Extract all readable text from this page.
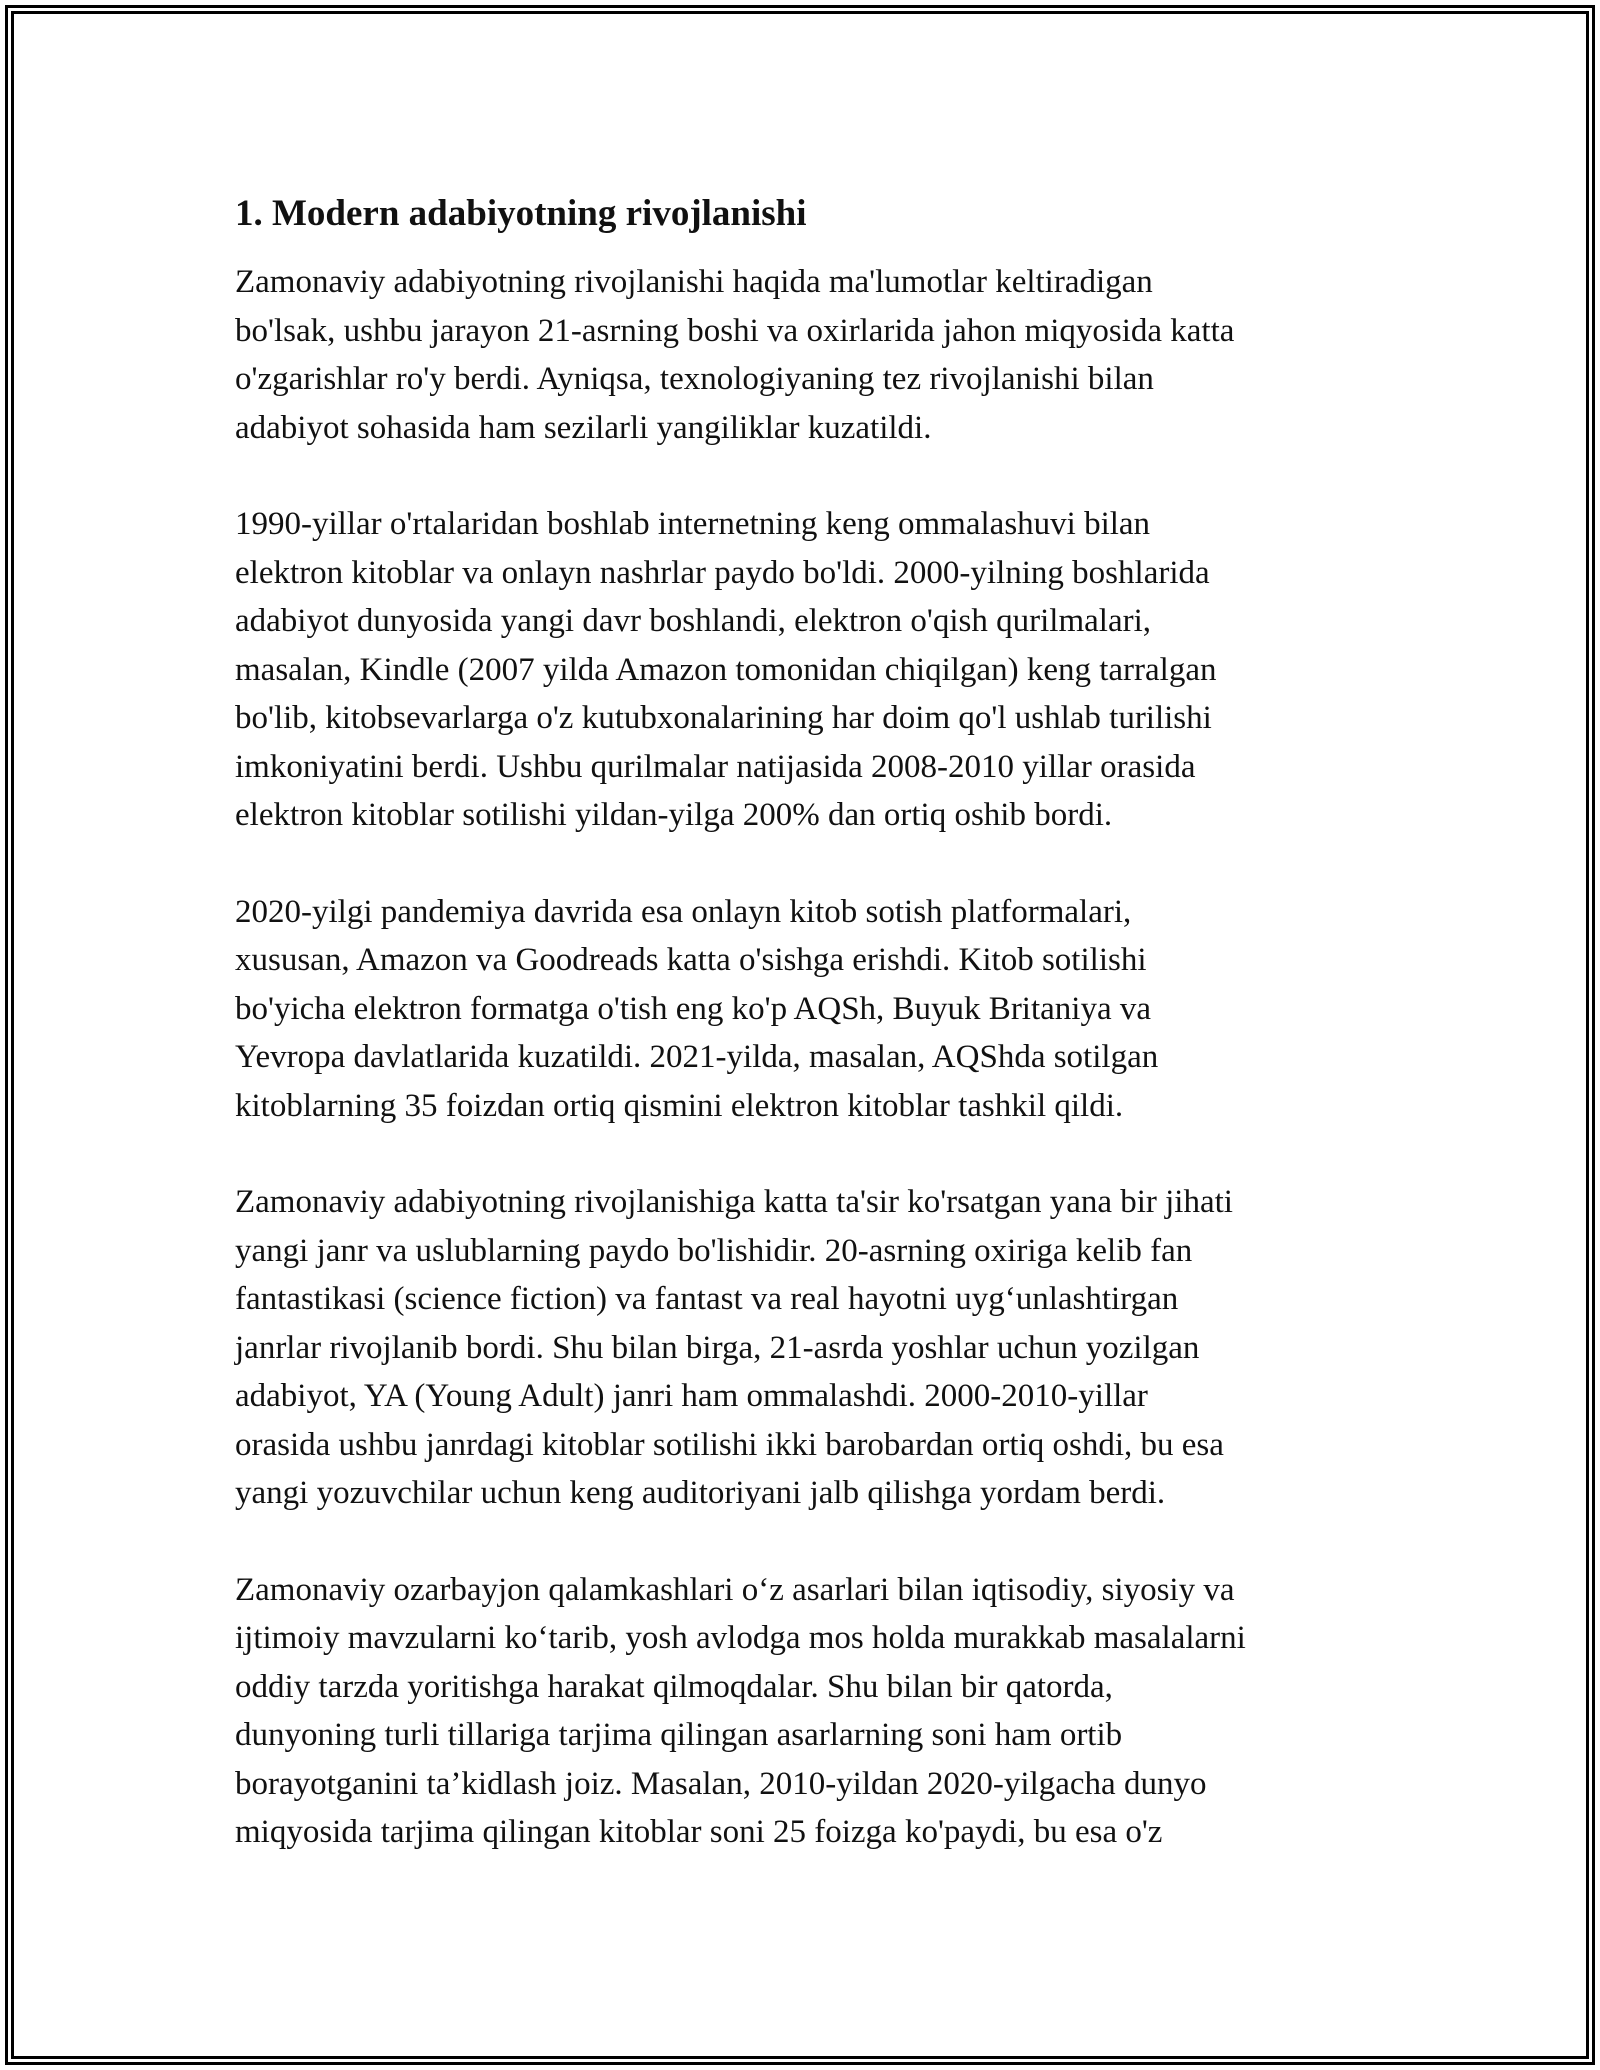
1. Modern adabiyotning rivojlanishi
Zamonaviy adabiyotning rivojlanishi haqida ma'lumotlar keltiradigan
bo'lsak, ushbu jarayon 21-asrning boshi va oxirlarida jahon miqyosida katta
o'zgarishlar ro'y berdi. Ayniqsa, texnologiyaning tez rivojlanishi bilan
adabiyot sohasida ham sezilarli yangiliklar kuzatildi.
1990-yillar o'rtalaridan boshlab internetning keng ommalashuvi bilan
elektron kitoblar va onlayn nashrlar paydo bo'ldi. 2000-yilning boshlarida
adabiyot dunyosida yangi davr boshlandi, elektron o'qish qurilmalari,
masalan, Kindle (2007 yilda Amazon tomonidan chiqilgan) keng tarralgan
bo'lib, kitobsevarlarga o'z kutubxonalarining har doim qo'l ushlab turilishi
imkoniyatini berdi. Ushbu qurilmalar natijasida 2008-2010 yillar orasida
elektron kitoblar sotilishi yildan-yilga 200% dan ortiq oshib bordi.
2020-yilgi pandemiya davrida esa onlayn kitob sotish platformalari,
xususan, Amazon va Goodreads katta o'sishga erishdi. Kitob sotilishi
bo'yicha elektron formatga o'tish eng ko'p AQSh, Buyuk Britaniya va
Yevropa davlatlarida kuzatildi. 2021-yilda, masalan, AQShda sotilgan
kitoblarning 35 foizdan ortiq qismini elektron kitoblar tashkil qildi.
Zamonaviy adabiyotning rivojlanishiga katta ta'sir ko'rsatgan yana bir jihati
yangi janr va uslublarning paydo bo'lishidir. 20-asrning oxiriga kelib fan
fantastikasi (science fiction) va fantast va real hayotni uyg‘unlashtirgan
janrlar rivojlanib bordi. Shu bilan birga, 21-asrda yoshlar uchun yozilgan
adabiyot, YA (Young Adult) janri ham ommalashdi. 2000-2010-yillar
orasida ushbu janrdagi kitoblar sotilishi ikki barobardan ortiq oshdi, bu esa
yangi yozuvchilar uchun keng auditoriyani jalb qilishga yordam berdi.
Zamonaviy ozarbayjon qalamkashlari o‘z asarlari bilan iqtisodiy, siyosiy va
ijtimoiy mavzularni ko‘tarib, yosh avlodga mos holda murakkab masalalarni
oddiy tarzda yoritishga harakat qilmoqdalar. Shu bilan bir qatorda,
dunyoning turli tillariga tarjima qilingan asarlarning soni ham ortib
borayotganini ta’kidlash joiz. Masalan, 2010-yildan 2020-yilgacha dunyo
miqyosida tarjima qilingan kitoblar soni 25 foizga ko'paydi, bu esa o'z
